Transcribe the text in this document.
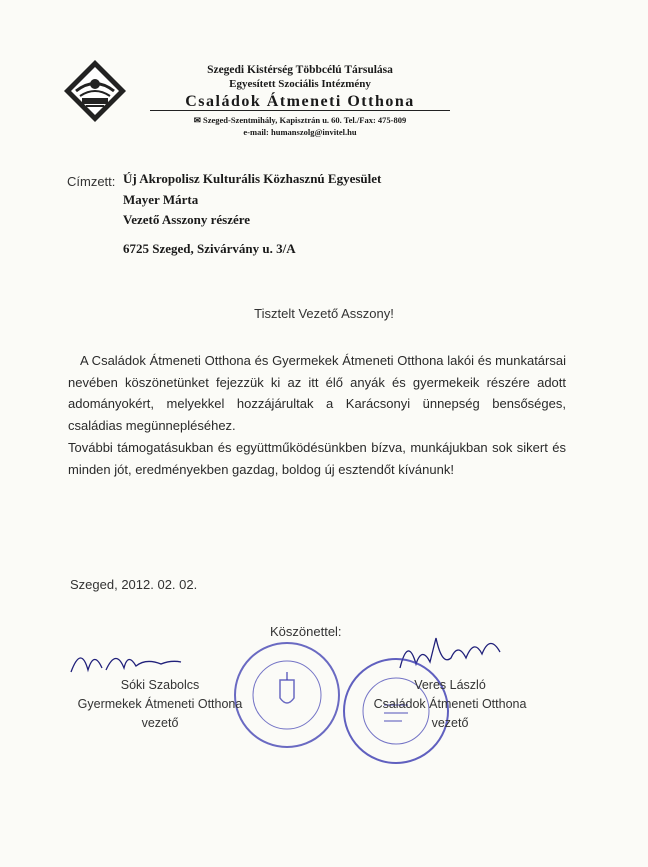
Szegedi Kistérség Többcélú Társulása
Egyesített Szociális Intézmény
Családok Átmeneti Otthona
✉ Szeged-Szentmihály, Kapisztrán u. 60. Tel./Fax: 475-809
e-mail: humanszolg@invitel.hu
Címzett: Új Akropolisz Kulturális Közhasznú Egyesület
Mayer Márta
Vezető Asszony részére
6725 Szeged, Szivárvány u. 3/A
Tisztelt Vezető Asszony!

A Családok Átmeneti Otthona és Gyermekek Átmeneti Otthona lakói és munkatársai nevében köszönetünket fejezzük ki az itt élő anyák és gyermekeik részére adott adományokért, melyekkel hozzájárultak a Karácsonyi ünnepség bensőséges, családias megünnepléséhez.

További támogatásukban és együttműködésünkben bízva, munkájukban sok sikert és minden jót, eredményekben gazdag, boldog új esztendőt kívánunk!

Szeged, 2012. 02. 02.
Köszönettel:
Sóki Szabolcs
Gyermekek Átmeneti Otthona
vezető
Veres László
Családok Átmeneti Otthona
vezető
